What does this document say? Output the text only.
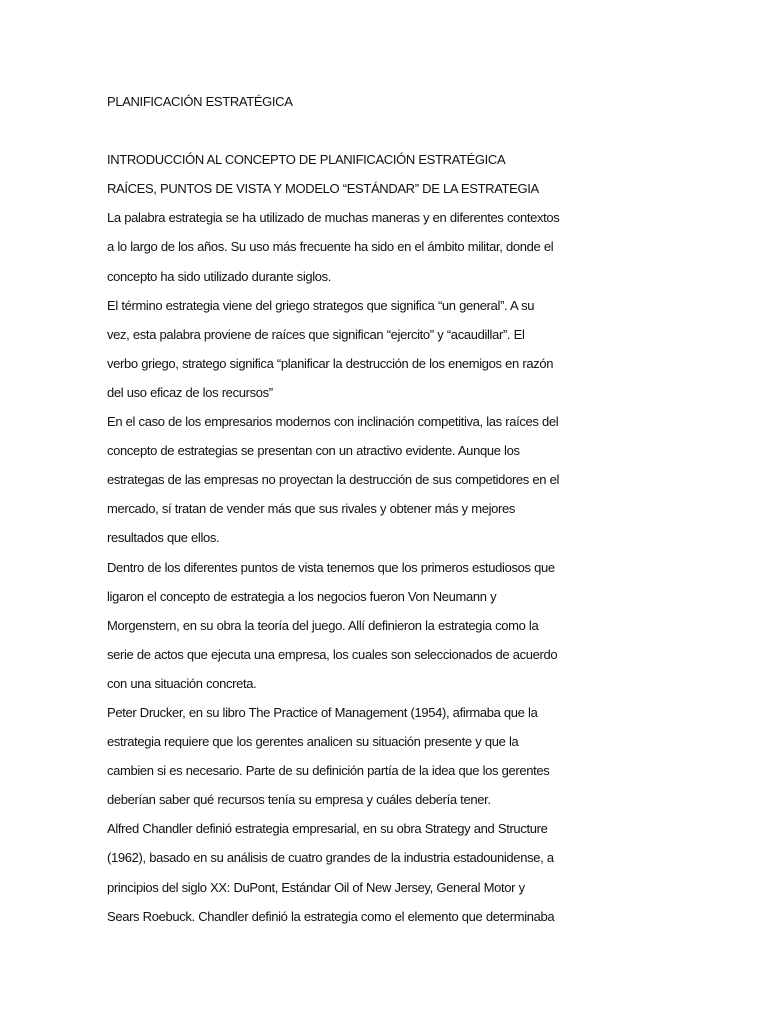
PLANIFICACIÓN ESTRATÉGICA
INTRODUCCIÓN AL CONCEPTO DE PLANIFICACIÓN ESTRATÉGICA
RAÍCES, PUNTOS DE VISTA Y MODELO “ESTÁNDAR” DE LA ESTRATEGIA
La palabra estrategia se ha utilizado de muchas maneras y en diferentes contextos
a lo largo de los años. Su uso más frecuente ha sido en el ámbito militar, donde el
concepto ha sido utilizado durante siglos.
El término estrategia viene del griego strategos que significa “un general”. A su
vez, esta palabra proviene de raíces que significan “ejercito” y “acaudillar”. El
verbo griego, stratego significa “planificar la destrucción de los enemigos en razón
del uso eficaz de los recursos”
En el caso de los empresarios modernos con inclinación competitiva, las raíces del
concepto de estrategias se presentan con un atractivo evidente. Aunque los
estrategas de las empresas no proyectan la destrucción de sus competidores en el
mercado, sí tratan de vender más que sus rivales y obtener más y mejores
resultados que ellos.
Dentro de los diferentes puntos de vista tenemos que los primeros estudiosos que
ligaron el concepto de estrategia a los negocios fueron Von Neumann y
Morgenstern, en su obra la teoría del juego. Allí definieron la estrategia como la
serie de actos que ejecuta una empresa, los cuales son seleccionados de acuerdo
con una situación concreta.
Peter Drucker, en su libro The Practice of Management (1954), afirmaba que la
estrategia requiere que los gerentes analicen su situación presente y que la
cambien si es necesario. Parte de su definición partía de la idea que los gerentes
deberían saber qué recursos tenía su empresa y cuáles debería tener.
Alfred Chandler definió estrategia empresarial, en su obra Strategy and Structure
(1962), basado en su análisis de cuatro grandes de la industria estadounidense, a
principios del siglo XX: DuPont, Estándar Oil of New Jersey, General Motor y
Sears Roebuck. Chandler definió la estrategia como el elemento que determinaba
